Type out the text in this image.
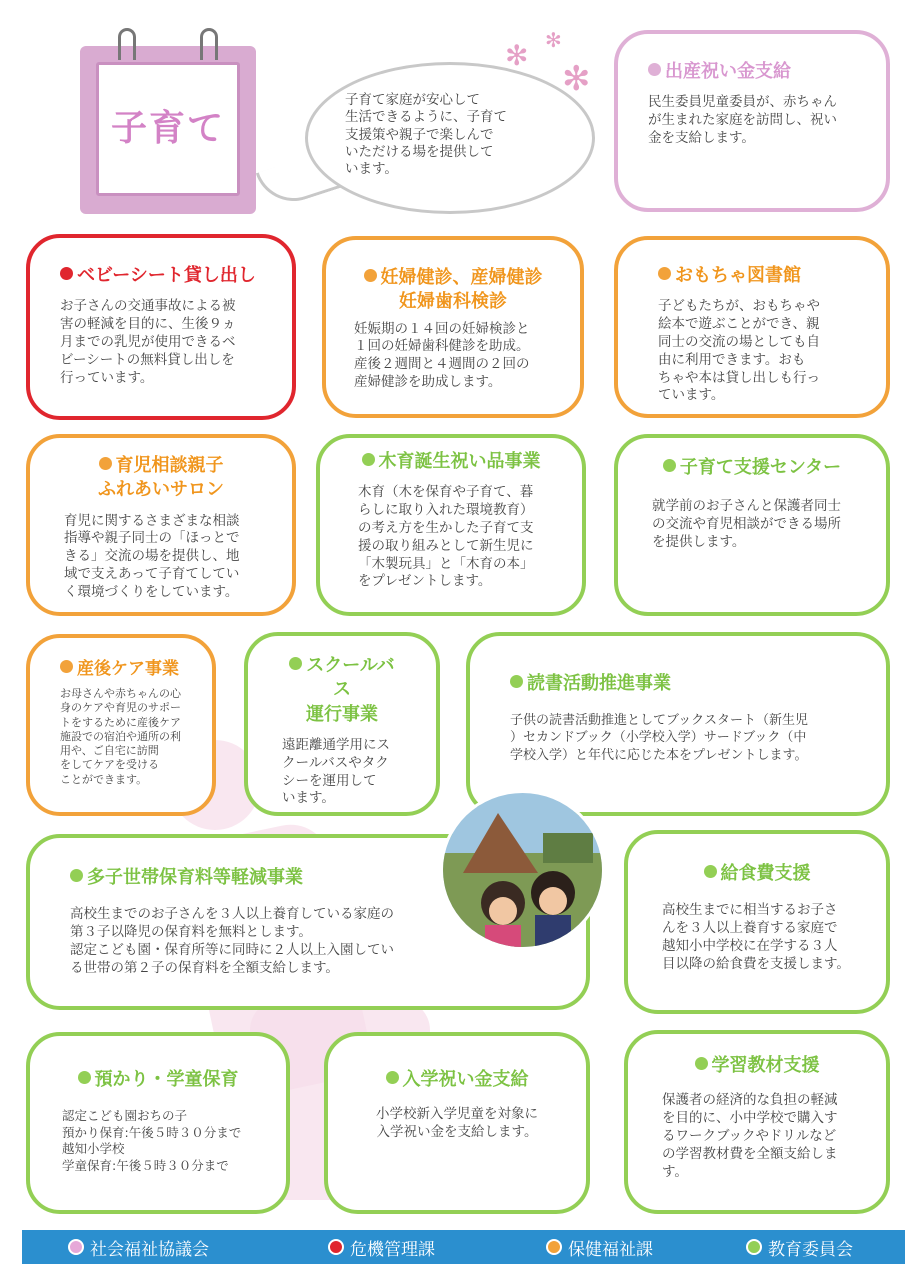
子育て
子育て家庭が安心して
生活できるように、子育て
支援策や親子で楽しんで
いただける場を提供して
います。
✻ ✻
✻	出産祝い金支給
民生委員児童委員が、赤ちゃん
が生まれた家庭を訪問し、祝い
金を支給します。
ベビーシート貸し出し
お子さんの交通事故による被
害の軽減を目的に、生後９ヵ
月までの乳児が使用できるベ
ビーシートの無料貸し出しを
行っています。
妊婦健診、産婦健診
妊婦歯科検診
妊娠期の１４回の妊婦検診と
１回の妊婦歯科健診を助成。
産後２週間と４週間の２回の
産婦健診を助成します。
おもちゃ図書館
子どもたちが、おもちゃや
絵本で遊ぶことができ、親
同士の交流の場としても自
由に利用できます。おも
ちゃや本は貸し出しも行っ
ています。
育児相談親子
ふれあいサロン
育児に関するさまざまな相談
指導や親子同士の「ほっとで
きる」交流の場を提供し、地
域で支えあって子育てしてい
く環境づくりをしています。
木育誕生祝い品事業
木育（木を保育や子育て、暮
らしに取り入れた環境教育）
の考え方を生かした子育て支
援の取り組みとして新生児に
「木製玩具」と「木育の本」
をプレゼントします。
子育て支援センター
就学前のお子さんと保護者同士
の交流や育児相談ができる場所
を提供します。
産後ケア事業
お母さんや赤ちゃんの心
身のケアや育児のサポー
トをするために産後ケア
施設での宿泊や通所の利
用や、ご自宅に訪問
をしてケアを受ける
ことができます。
スクールバス
運行事業
遠距離通学用にス
クールバスやタク
シーを運用して
います。
読書活動推進事業
子供の読書活動推進としてブックスタート（新生児
）セカンドブック（小学校入学）サードブック（中
学校入学）と年代に応じた本をプレゼントします。
多子世帯保育料等軽減事業
高校生までのお子さんを３人以上養育している家庭の
第３子以降児の保育料を無料とします。
認定こども園・保育所等に同時に２人以上入園してい
る世帯の第２子の保育料を全額支給します。
給食費支援
高校生までに相当するお子さ
んを３人以上養育する家庭で
越知小中学校に在学する３人
目以降の給食費を支援します。
預かり・学童保育
認定こども園おちの子
預かり保育:午後５時３０分まで
越知小学校
学童保育:午後５時３０分まで
入学祝い金支給
小学校新入学児童を対象に
入学祝い金を支給します。
学習教材支援
保護者の経済的な負担の軽減
を目的に、小中学校で購入す
るワークブックやドリルなど
の学習教材費を全額支給しま
す。
社会福祉協議会	危機管理課	保健福祉課	教育委員会
